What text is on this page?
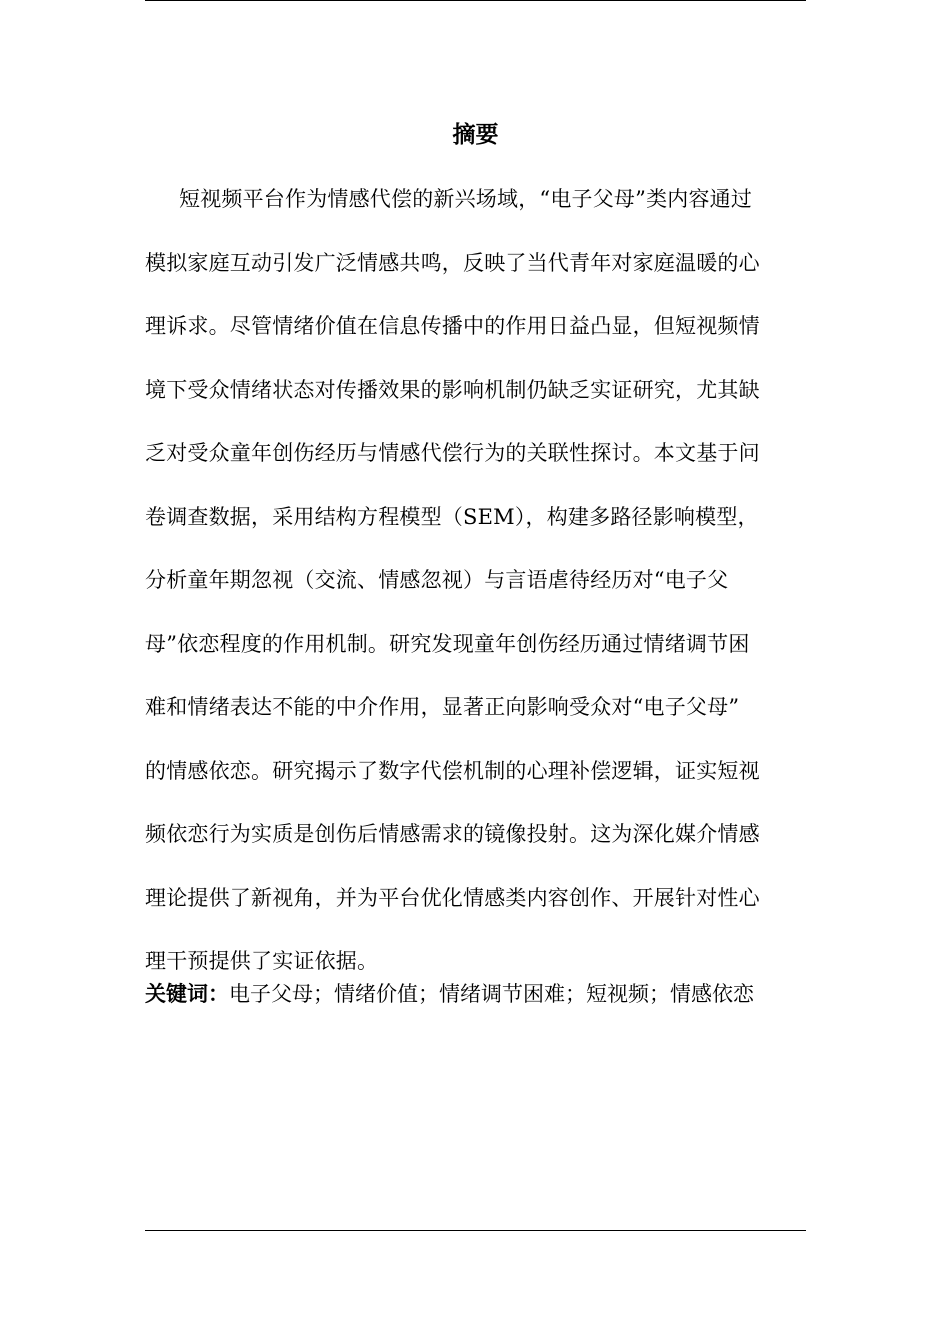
摘要
短视频平台作为情感代偿的新兴场域，“电子父母”类内容通过
模拟家庭互动引发广泛情感共鸣，反映了当代青年对家庭温暖的心
理诉求。尽管情绪价值在信息传播中的作用日益凸显，但短视频情
境下受众情绪状态对传播效果的影响机制仍缺乏实证研究，尤其缺
乏对受众童年创伤经历与情感代偿行为的关联性探讨。本文基于问
卷调查数据，采用结构方程模型（SEM），构建多路径影响模型，
分析童年期忽视（交流、情感忽视）与言语虐待经历对“电子父
母”依恋程度的作用机制。研究发现童年创伤经历通过情绪调节困
难和情绪表达不能的中介作用，显著正向影响受众对“电子父母”
的情感依恋。研究揭示了数字代偿机制的心理补偿逻辑，证实短视
频依恋行为实质是创伤后情感需求的镜像投射。这为深化媒介情感
理论提供了新视角，并为平台优化情感类内容创作、开展针对性心
理干预提供了实证依据。

关键词：电子父母；情绪价值；情绪调节困难；短视频；情感依恋
